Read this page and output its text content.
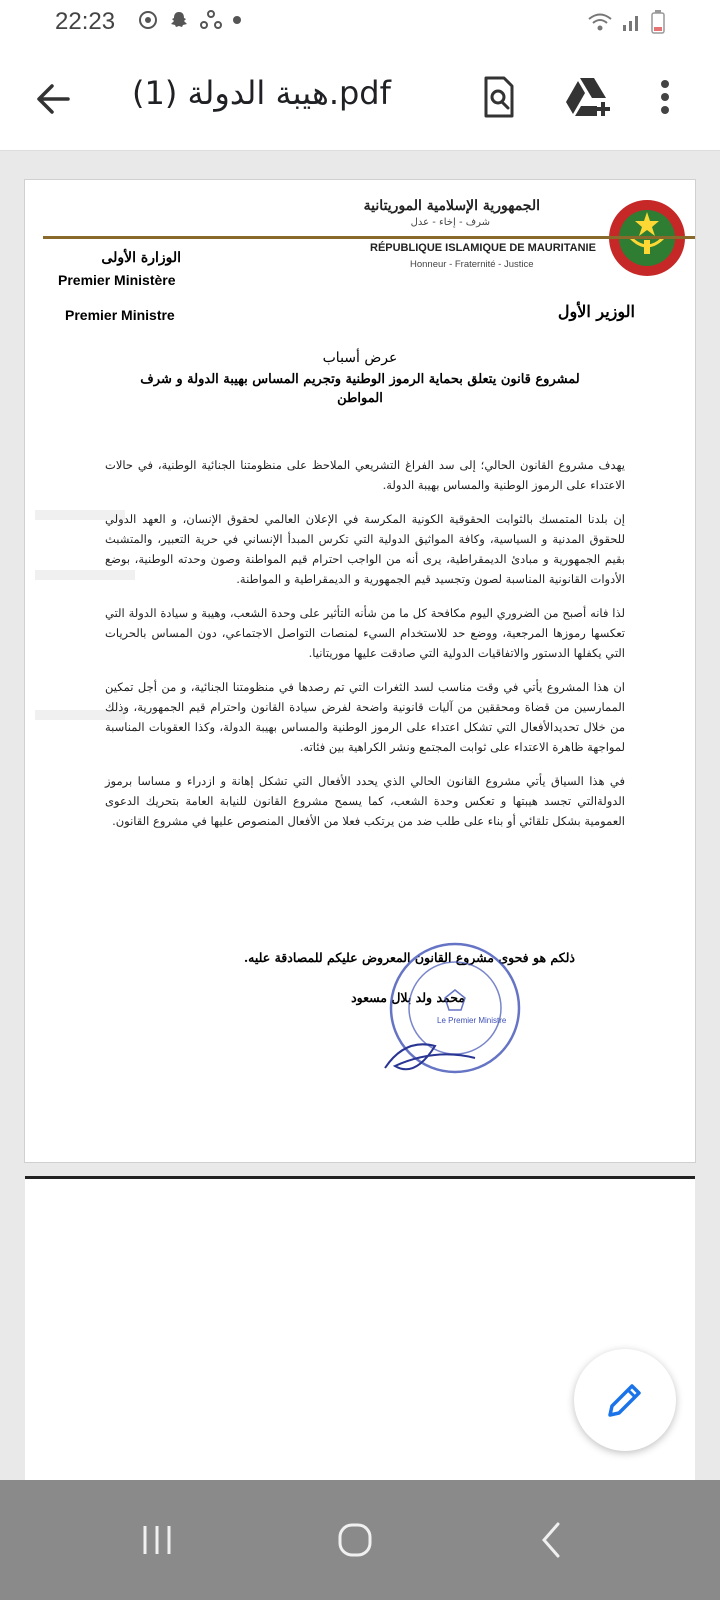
22:23
هيبة الدولة (1).pdf
الجمهورية الإسلامية الموريتانية
شرف - إخاء - عدل
RÉPUBLIQUE ISLAMIQUE DE MAURITANIE
Honneur - Fraternité - Justice
الوزارة الأولى
Premier Ministère
Premier Ministre	الوزير الأول
عرض أسباب
لمشروع قانون يتعلق بحماية الرموز الوطنية وتجريم المساس بهيبة الدولة و شرف المواطن

يهدف مشروع القانون الحالي؛ إلى سد الفراغ التشريعي الملاحظ على منظومتنا الجنائية الوطنية، في حالات الاعتداء على الرموز الوطنية والمساس بهيبة الدولة.

إن بلدنا المتمسك بالثوابت الحقوقية الكونية المكرسة في الإعلان العالمي لحقوق الإنسان، و العهد الدولي للحقوق المدنية و السياسية، وكافة المواثيق الدولية التي تكرس المبدأ الإنساني في حرية التعبير، والمتشبث بقيم الجمهورية و مبادئ الديمقراطية، يرى أنه من الواجب احترام قيم المواطنة وصون وحدته الوطنية، بوضع الأدوات القانونية المناسبة لصون وتجسيد قيم الجمهورية و الديمقراطية و المواطنة.

لذا فانه أصبح من الضروري اليوم مكافحة كل ما من شأنه التأثير على وحدة الشعب، وهيبة و سيادة الدولة التي تعكسها رموزها المرجعية، ووضع حد للاستخدام السيء لمنصات التواصل الاجتماعي، دون المساس بالحريات التي يكفلها الدستور والاتفاقيات الدولية التي صادقت عليها موريتانيا.

ان هذا المشروع يأتي في وقت مناسب لسد الثغرات التي تم رصدها في منظومتنا الجنائية، و من أجل تمكين الممارسين من قضاة ومحققين من آليات قانونية واضحة لفرض سيادة القانون واحترام قيم الجمهورية، وذلك من خلال تحديدالأفعال التي تشكل اعتداء على الرموز الوطنية والمساس بهيبة الدولة، وكذا العقوبات المناسبة لمواجهة ظاهرة الاعتداء على ثوابت المجتمع ونشر الكراهية بين فئاته.

في هذا السياق يأتي مشروع القانون الحالي الذي يحدد الأفعال التي تشكل إهانة و ازدراء و مساسا برموز الدولةالتي تجسد هيبتها و تعكس وحدة الشعب، كما يسمح مشروع القانون للنيابة العامة بتحريك الدعوى العمومية بشكل تلقائي أو بناء على طلب ضد من يرتكب فعلا من الأفعال المنصوص عليها في مشروع القانون.

ذلكم هو فحوى مشروع القانون المعروض عليكم للمصادقة عليه.
محمد ولد بلال مسعود
Le Premier Ministre
